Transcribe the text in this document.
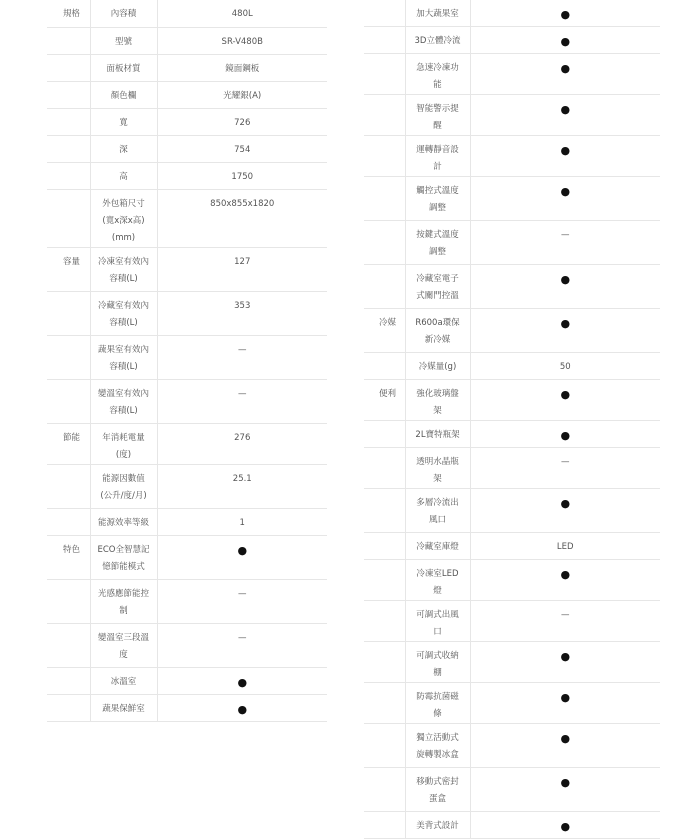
規格	內容積	480L
	型號	SR-V480B
	面板材質	鏡面鋼板
	顏色欄	光耀銀(A)
	寬	726
	深	754
	高	1750
	外包箱尺寸(寬x深x高)(mm)	850x855x1820
容量	冷凍室有效內容積(L)	127
	冷藏室有效內容積(L)	353
	蔬果室有效內容積(L)	—
	變溫室有效內容積(L)	—
節能	年消耗電量(度)	276
	能源因數值(公升/度/月)	25.1
	能源效率等級	1
特色	ECO全智慧記憶節能模式	●
	光感應節能控制	—
	變溫室三段溫度	—
	冰溫室	●
	蔬果保鮮室	●
	加大蔬果室	●
	3D立體冷流	●
	急速冷凍功能	●
	智能警示提醒	●
	運轉靜音設計	●
	觸控式溫度調整	●
	按鍵式溫度調整	—
	冷藏室電子式關門控溫	●
冷媒	R600a環保新冷媒	●
	冷媒量(g)	50
便利	強化玻璃盤架	●
	2L寶特瓶架	●
	透明水晶瓶架	—
	多層冷流出風口	●
	冷藏室庫燈	LED
	冷凍室LED燈	●
	可調式出風口	—
	可調式收納棚	●
	防霉抗菌磁條	●
	獨立活動式旋轉製冰盒	●
	移動式密封蛋盒	●
	美背式設計	●
